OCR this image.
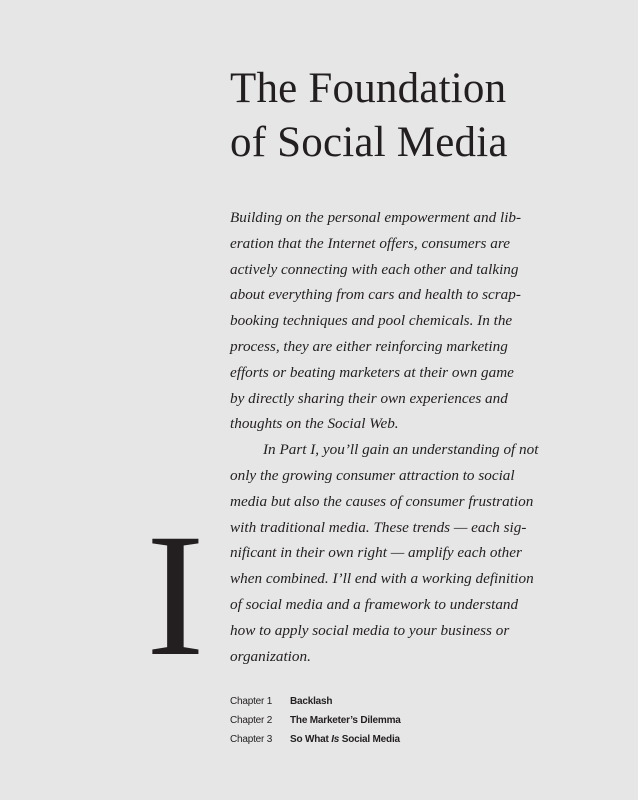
The Foundation
of Social Media
Building on the personal empowerment and lib-
eration that the Internet offers, consumers are
actively connecting with each other and talking
about everything from cars and health to scrap-
booking techniques and pool chemicals. In the
process, they are either reinforcing marketing
efforts or beating marketers at their own game
by directly sharing their own experiences and
thoughts on the Social Web.
In Part I, you’ll gain an understanding of not
only the growing consumer attraction to social
media but also the causes of consumer frustration
with traditional media. These trends — each sig-
nificant in their own right — amplify each other
when combined. I’ll end with a working definition
of social media and a framework to understand
how to apply social media to your business or
organization.
I
Chapter 1	Backlash
Chapter 2	The Marketer’s Dilemma
Chapter 3	So What Is Social Media
